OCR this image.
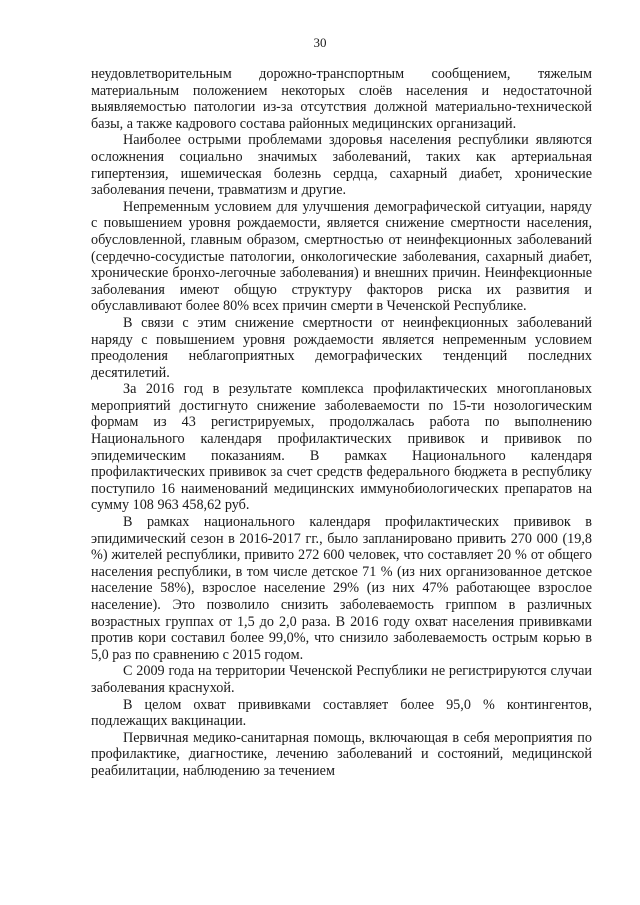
30

неудовлетворительным дорожно-транспортным сообщением, тяжелым материальным положением некоторых слоёв населения и недостаточной выявляемостью патологии из-за отсутствия должной материально-технической базы, а также кадрового состава районных медицинских организаций.

Наиболее острыми проблемами здоровья населения республики являются осложнения социально значимых заболеваний, таких как артериальная гипертензия, ишемическая болезнь сердца, сахарный диабет, хронические заболевания печени, травматизм и другие.

Непременным условием для улучшения демографической ситуации, наряду с повышением уровня рождаемости, является снижение смертности населения, обусловленной, главным образом, смертностью от неинфекционных заболеваний (сердечно-сосудистые патологии, онкологические заболевания, сахарный диабет, хронические бронхо-легочные заболевания) и внешних причин. Неинфекционные заболевания имеют общую структуру факторов риска их развития и обуславливают более 80% всех причин смерти в Чеченской Республике.

В связи с этим снижение смертности от неинфекционных заболеваний наряду с повышением уровня рождаемости является непременным условием преодоления неблагоприятных демографических тенденций последних десятилетий.

За 2016 год в результате комплекса профилактических многоплановых мероприятий достигнуто снижение заболеваемости по 15-ти нозологическим формам из 43 регистрируемых, продолжалась работа по выполнению Национального календаря профилактических прививок и прививок по эпидемическим показаниям. В рамках Национального календаря профилактических прививок за счет средств федерального бюджета в республику поступило 16 наименований медицинских иммунобиологических препаратов на сумму 108 963 458,62 руб.

В рамках национального календаря профилактических прививок в эпидимический сезон в 2016-2017 гг., было запланировано привить 270 000 (19,8 %) жителей республики, привито 272 600 человек, что составляет 20 % от общего населения республики, в том числе детское 71 % (из них организованное детское население 58%), взрослое население 29% (из них 47% работающее взрослое население). Это позволило снизить заболеваемость гриппом в различных возрастных группах от 1,5 до 2,0 раза. В 2016 году охват населения прививками против кори составил более 99,0%, что снизило заболеваемость острым корью в 5,0 раз по сравнению с 2015 годом.

С 2009 года на территории Чеченской Республики не регистрируются случаи заболевания краснухой.

В целом охват прививками составляет более 95,0 % контингентов, подлежащих вакцинации.

Первичная медико-санитарная помощь, включающая в себя мероприятия по профилактике, диагностике, лечению заболеваний и состояний, медицинской реабилитации, наблюдению за течением
